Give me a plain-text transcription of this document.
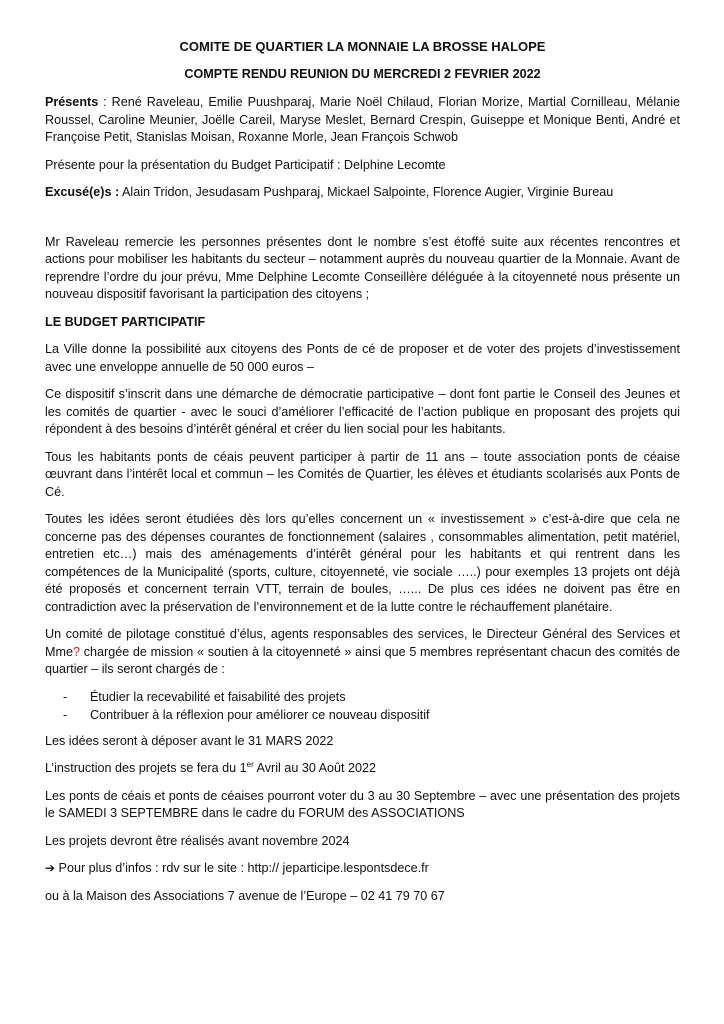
COMITE DE QUARTIER LA MONNAIE LA BROSSE HALOPE
COMPTE RENDU REUNION DU MERCREDI 2 FEVRIER 2022

Présents : René Raveleau, Emilie Puushparaj, Marie Noël Chilaud, Florian Morize, Martial Cornilleau, Mélanie Roussel, Caroline Meunier, Joëlle Careil, Maryse Meslet, Bernard Crespin, Guiseppe et Monique Benti, André et Françoise Petit, Stanislas Moisan, Roxanne Morle, Jean François Schwob

Présente pour la présentation du Budget Participatif : Delphine Lecomte

Excusé(e)s : Alain Tridon, Jesudasam Pushparaj, Mickael Salpointe, Florence Augier, Virginie Bureau

Mr Raveleau remercie les personnes présentes dont le nombre s’est étoffé suite aux récentes rencontres et actions pour mobiliser les habitants du secteur – notamment auprès du nouveau quartier de la Monnaie. Avant de reprendre l’ordre du jour prévu, Mme Delphine Lecomte Conseillère déléguée à la citoyenneté nous présente un nouveau dispositif favorisant la participation des citoyens ;

LE BUDGET PARTICIPATIF

La Ville donne la possibilité aux citoyens des Ponts de cé de proposer et de voter des projets d’investissement avec une enveloppe annuelle de 50 000 euros –

Ce dispositif s’inscrit dans une démarche de démocratie participative – dont font partie le Conseil des Jeunes et les comités de quartier - avec le souci d’améliorer l’efficacité de l’action publique en proposant des projets qui répondent à des besoins d’intérêt général et créer du lien social pour les habitants.

Tous les habitants ponts de céais peuvent participer à partir de 11 ans – toute association ponts de céaise œuvrant dans l’intérêt local et commun – les Comités de Quartier, les élèves et étudiants scolarisés aux Ponts de Cé.

Toutes les idées seront étudiées dès lors qu’elles concernent un « investissement » c’est-à-dire que cela ne concerne pas des dépenses courantes de fonctionnement (salaires , consommables alimentation, petit matériel, entretien etc…) mais des aménagements d’intérêt général pour les habitants et qui rentrent dans les compétences de la Municipalité (sports, culture, citoyenneté, vie sociale …..) pour exemples 13 projets ont déjà été proposés et concernent terrain VTT, terrain de boules, …... De plus ces idées ne doivent pas être en contradiction avec la préservation de l’environnement et de la lutte contre le réchauffement planétaire.

Un comité de pilotage constitué d’élus, agents responsables des services, le Directeur Général des Services et Mme? chargée de mission « soutien à la citoyenneté » ainsi que 5 membres représentant chacun des comités de quartier – ils seront chargés de :

- Étudier la recevabilité et faisabilité des projets
- Contribuer à la réflexion pour améliorer ce nouveau dispositif

Les idées seront à déposer avant le 31 MARS 2022

L’instruction des projets se fera du 1er Avril au 30 Août 2022

Les ponts de céais et ponts de céaises pourront voter du 3 au 30 Septembre – avec une présentation des projets le SAMEDI 3 SEPTEMBRE dans le cadre du FORUM des ASSOCIATIONS

Les projets devront être réalisés avant novembre 2024

➔ Pour plus d’infos : rdv sur le site : http:// jeparticipe.lespontsdece.fr

ou à la Maison des Associations 7 avenue de l’Europe – 02 41 79 70 67
